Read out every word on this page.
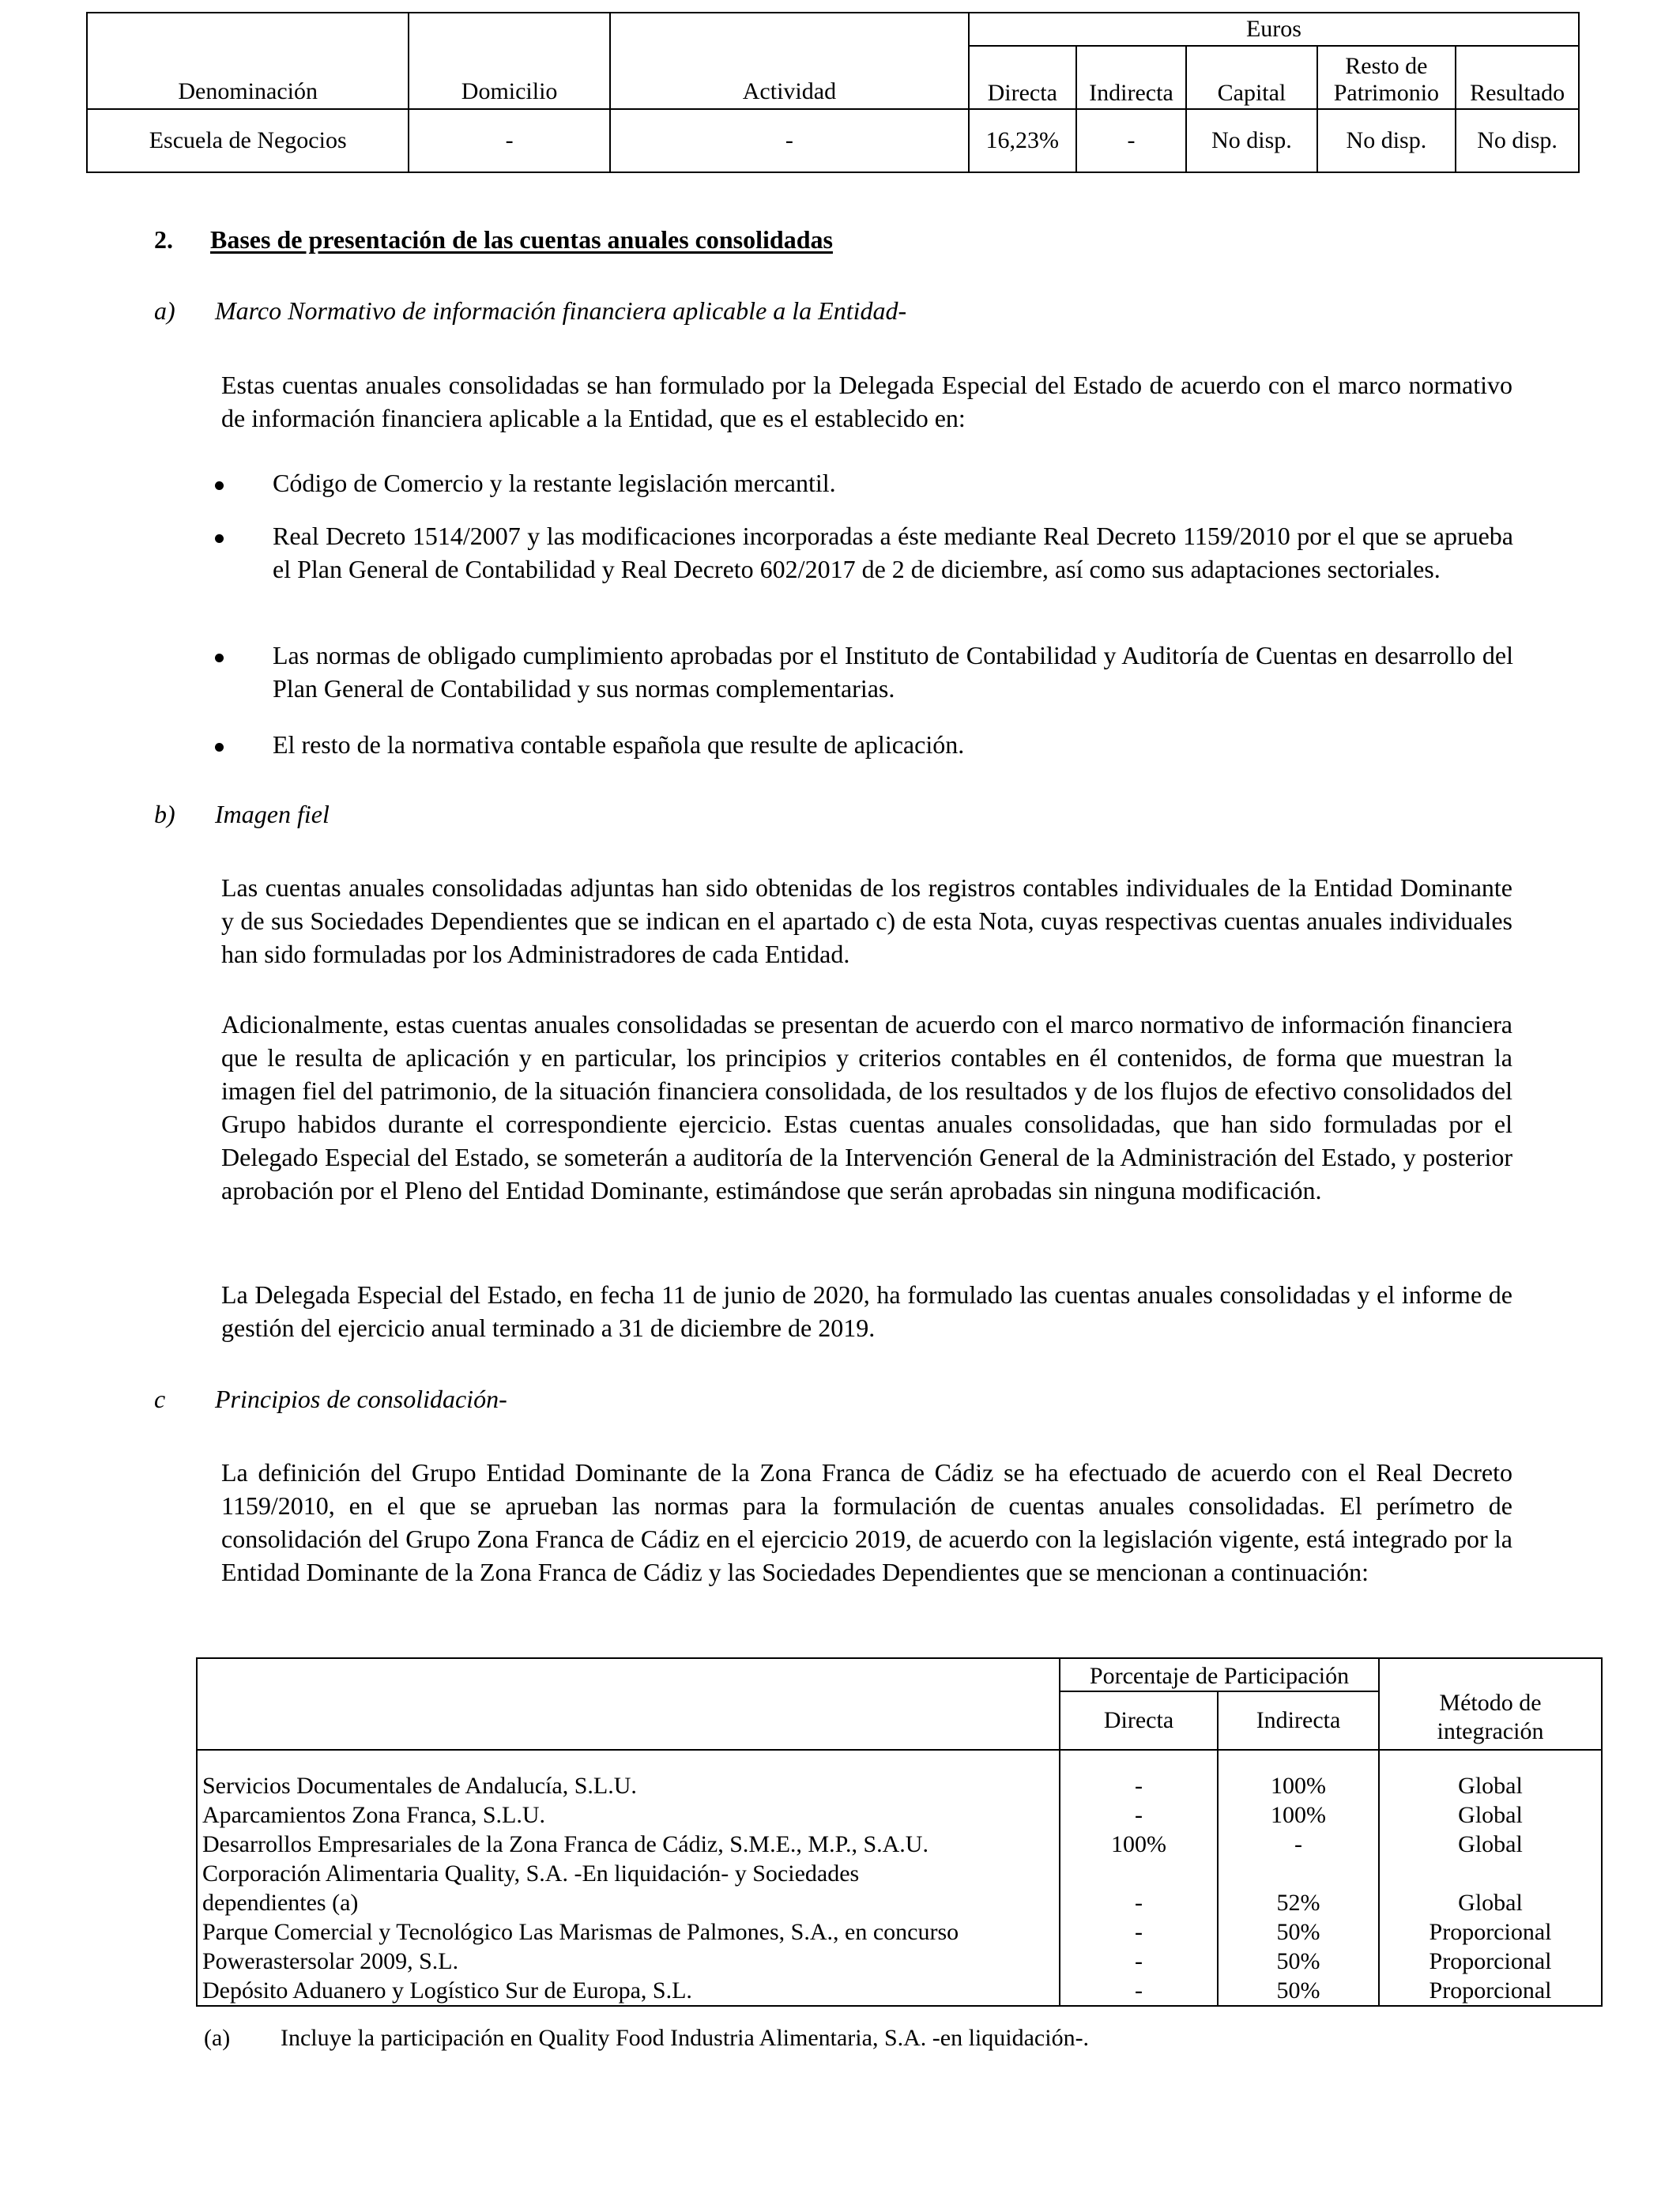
Denominación	Domicilio	Actividad	Euros				
			Directa	Indirecta	Capital	Resto de
Patrimonio	Resultado
Escuela de Negocios	-	-	16,23%	-	No disp.	No disp.	No disp.
2. Bases de presentación de las cuentas anuales consolidadas
a) Marco Normativo de información financiera aplicable a la Entidad-
Estas cuentas anuales consolidadas se han formulado por la Delegada Especial del Estado de acuerdo con el marco normativo de información financiera aplicable a la Entidad, que es el establecido en:
Código de Comercio y la restante legislación mercantil.
Real Decreto 1514/2007 y las modificaciones incorporadas a éste mediante Real Decreto 1159/2010 por el que se aprueba el Plan General de Contabilidad y Real Decreto 602/2017 de 2 de diciembre, así como sus adaptaciones sectoriales.
Las normas de obligado cumplimiento aprobadas por el Instituto de Contabilidad y Auditoría de Cuentas en desarrollo del Plan General de Contabilidad y sus normas complementarias.
El resto de la normativa contable española que resulte de aplicación.
b) Imagen fiel
Las cuentas anuales consolidadas adjuntas han sido obtenidas de los registros contables individuales de la Entidad Dominante y de sus Sociedades Dependientes que se indican en el apartado c) de esta Nota, cuyas respectivas cuentas anuales individuales han sido formuladas por los Administradores de cada Entidad.
Adicionalmente, estas cuentas anuales consolidadas se presentan de acuerdo con el marco normativo de información financiera que le resulta de aplicación y en particular, los principios y criterios contables en él contenidos, de forma que muestran la imagen fiel del patrimonio, de la situación financiera consolidada, de los resultados y de los flujos de efectivo consolidados del Grupo habidos durante el correspondiente ejercicio. Estas cuentas anuales consolidadas, que han sido formuladas por el Delegado Especial del Estado, se someterán a auditoría de la Intervención General de la Administración del Estado, y posterior aprobación por el Pleno del Entidad Dominante, estimándose que serán aprobadas sin ninguna modificación.
La Delegada Especial del Estado, en fecha 11 de junio de 2020, ha formulado las cuentas anuales consolidadas y el informe de gestión del ejercicio anual terminado a 31 de diciembre de 2019.
c Principios de consolidación-
La definición del Grupo Entidad Dominante de la Zona Franca de Cádiz se ha efectuado de acuerdo con el Real Decreto 1159/2010, en el que se aprueban las normas para la formulación de cuentas anuales consolidadas. El perímetro de consolidación del Grupo Zona Franca de Cádiz en el ejercicio 2019, de acuerdo con la legislación vigente, está integrado por la Entidad Dominante de la Zona Franca de Cádiz y las Sociedades Dependientes que se mencionan a continuación:
	Porcentaje de Participación		Método de
integración
	Directa	Indirecta	

Servicios Documentales de Andalucía, S.L.U.	-	100%	Global
Aparcamientos Zona Franca, S.L.U.	-	100%	Global
Desarrollos Empresariales de la Zona Franca de Cádiz, S.M.E., M.P., S.A.U.	100%	-	Global
Corporación Alimentaria Quality, S.A. -En liquidación- y Sociedades			
dependientes (a)	-	52%	Global
Parque Comercial y Tecnológico Las Marismas de Palmones, S.A., en concurso	-	50%	Proporcional
Powerastersolar 2009, S.L.	-	50%	Proporcional
Depósito Aduanero y Logístico Sur de Europa, S.L.	-	50%	Proporcional
(a) Incluye la participación en Quality Food Industria Alimentaria, S.A. -en liquidación-.
